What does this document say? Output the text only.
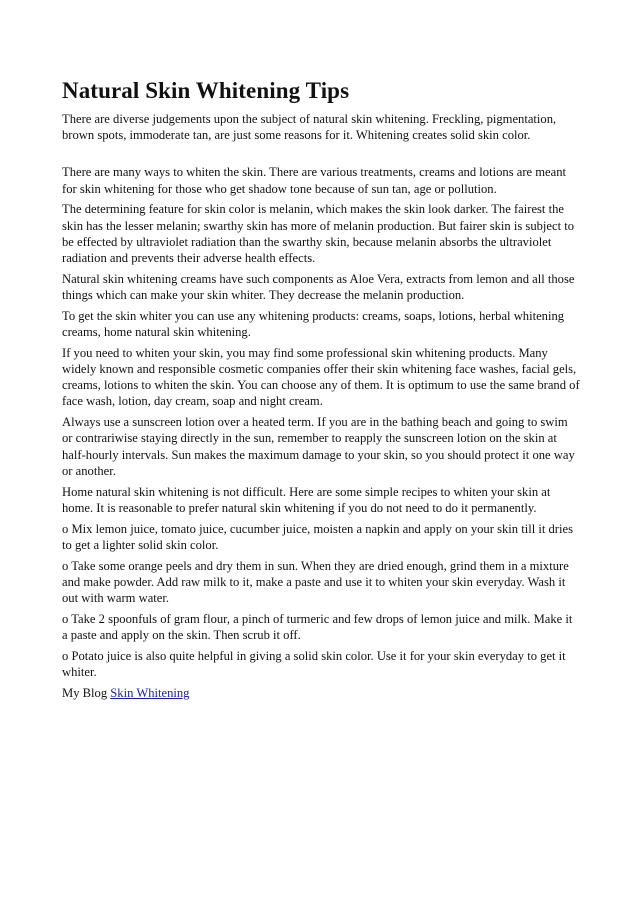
Natural Skin Whitening Tips

There are diverse judgements upon the subject of natural skin whitening. Freckling, pigmentation, brown spots, immoderate tan, are just some reasons for it. Whitening creates solid skin color.

There are many ways to whiten the skin. There are various treatments, creams and lotions are meant for skin whitening for those who get shadow tone because of sun tan, age or pollution.

The determining feature for skin color is melanin, which makes the skin look darker. The fairest the skin has the lesser melanin; swarthy skin has more of melanin production. But fairer skin is subject to be effected by ultraviolet radiation than the swarthy skin, because melanin absorbs the ultraviolet radiation and prevents their adverse health effects.

Natural skin whitening creams have such components as Aloe Vera, extracts from lemon and all those things which can make your skin whiter. They decrease the melanin production.

To get the skin whiter you can use any whitening products: creams, soaps, lotions, herbal whitening creams, home natural skin whitening.

If you need to whiten your skin, you may find some professional skin whitening products. Many widely known and responsible cosmetic companies offer their skin whitening face washes, facial gels, creams, lotions to whiten the skin. You can choose any of them. It is optimum to use the same brand of face wash, lotion, day cream, soap and night cream.

Always use a sunscreen lotion over a heated term. If you are in the bathing beach and going to swim or contrariwise staying directly in the sun, remember to reapply the sunscreen lotion on the skin at half-hourly intervals. Sun makes the maximum damage to your skin, so you should protect it one way or another.

Home natural skin whitening is not difficult. Here are some simple recipes to whiten your skin at home. It is reasonable to prefer natural skin whitening if you do not need to do it permanently.

o Mix lemon juice, tomato juice, cucumber juice, moisten a napkin and apply on your skin till it dries to get a lighter solid skin color.

o Take some orange peels and dry them in sun. When they are dried enough, grind them in a mixture and make powder. Add raw milk to it, make a paste and use it to whiten your skin everyday. Wash it out with warm water.

o Take 2 spoonfuls of gram flour, a pinch of turmeric and few drops of lemon juice and milk. Make it a paste and apply on the skin. Then scrub it off.

o Potato juice is also quite helpful in giving a solid skin color. Use it for your skin everyday to get it whiter.

My Blog Skin Whitening
